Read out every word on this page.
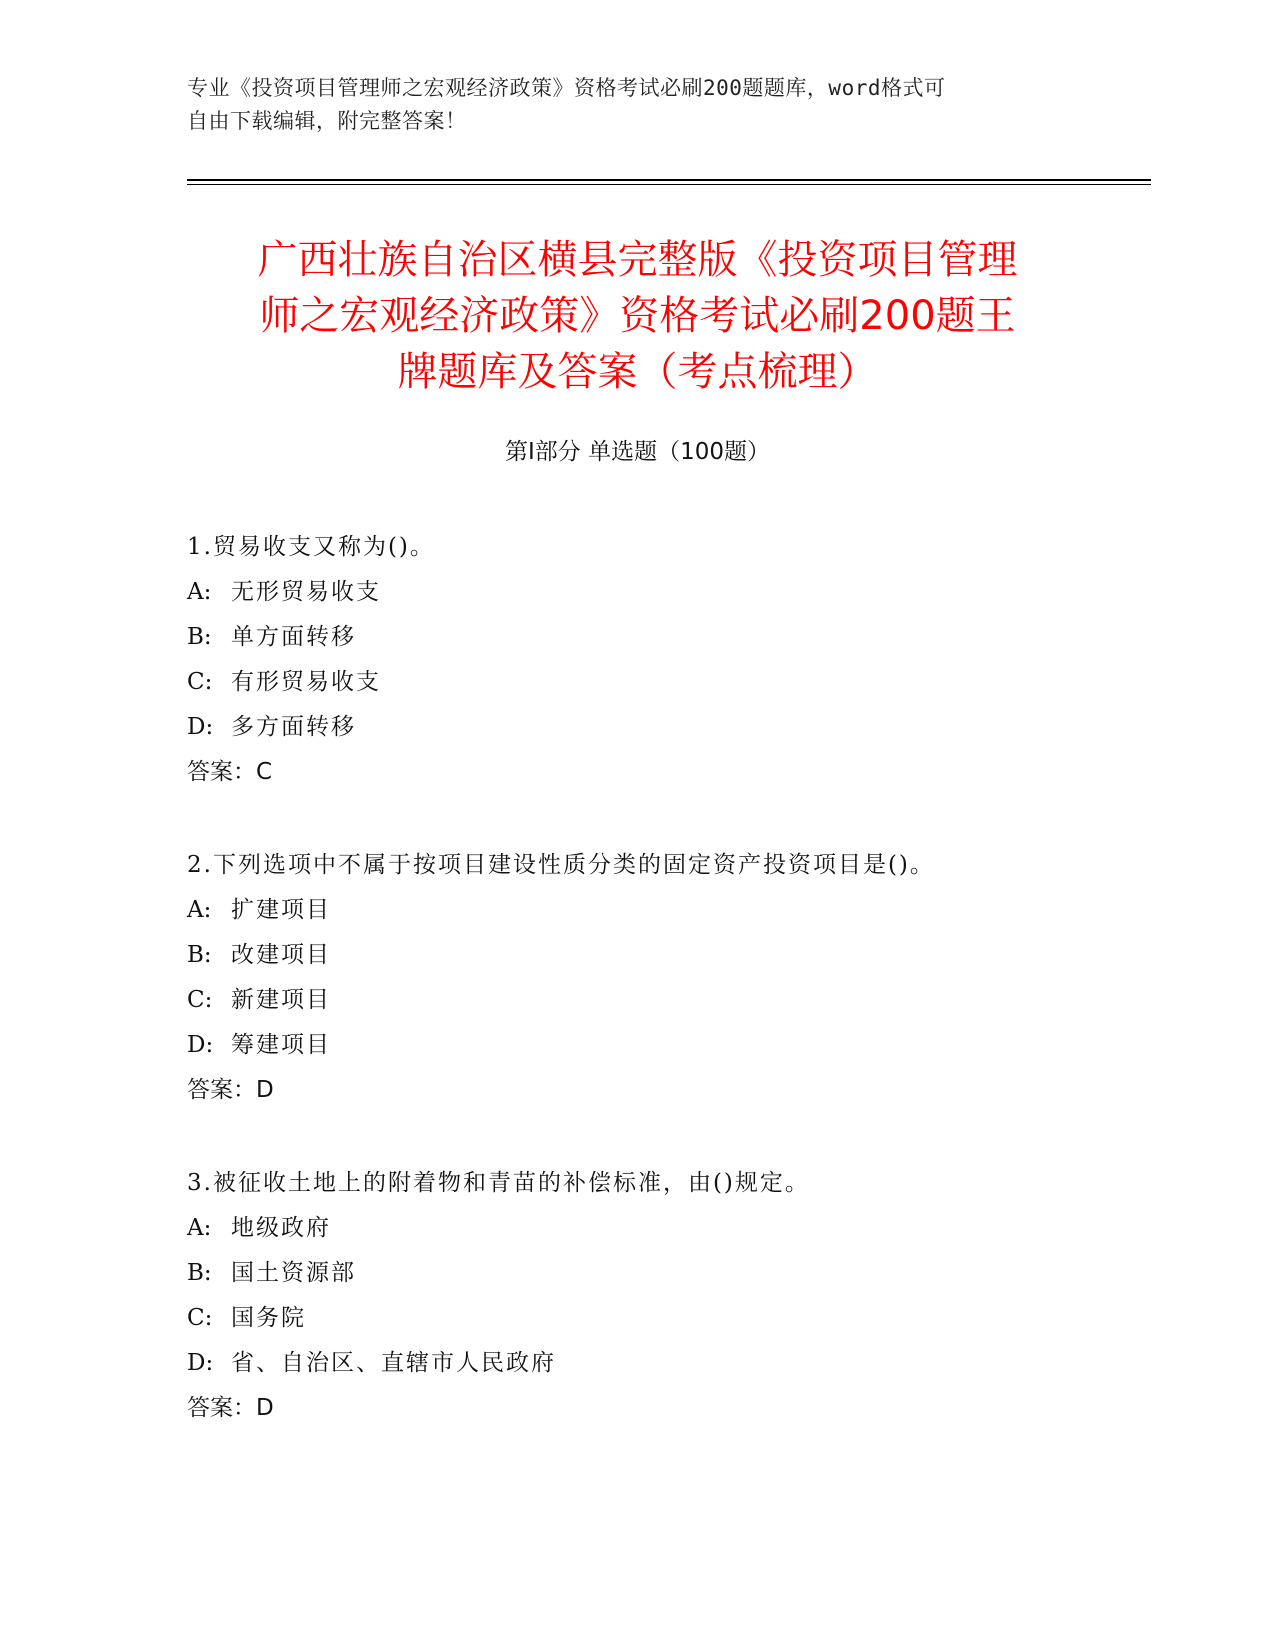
专业《投资项目管理师之宏观经济政策》资格考试必刷200题题库，word格式可
自由下载编辑，附完整答案！
广西壮族自治区横县完整版《投资项目管理
师之宏观经济政策》资格考试必刷200题王
牌题库及答案（考点梳理）
第Ⅰ部分 单选题（100题）
1.贸易收支又称为()。
A: 无形贸易收支
B: 单方面转移
C: 有形贸易收支
D: 多方面转移
答案：C
2.下列选项中不属于按项目建设性质分类的固定资产投资项目是()。
A: 扩建项目
B: 改建项目
C: 新建项目
D: 筹建项目
答案：D
3.被征收土地上的附着物和青苗的补偿标准，由()规定。
A: 地级政府
B: 国土资源部
C: 国务院
D: 省、自治区、直辖市人民政府
答案：D
